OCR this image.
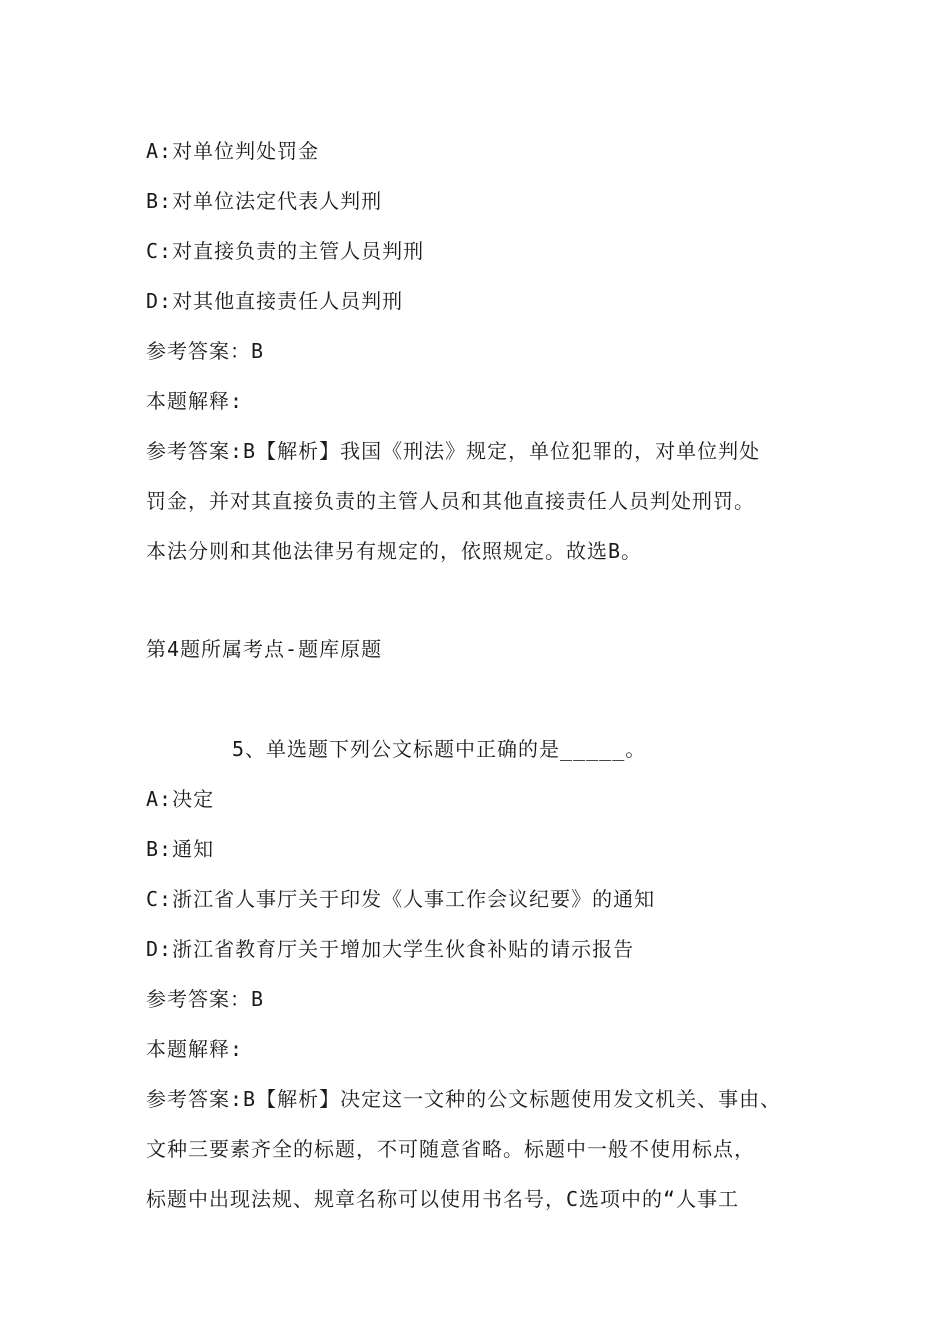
A:对单位判处罚金
B:对单位法定代表人判刑
C:对直接负责的主管人员判刑
D:对其他直接责任人员判刑
参考答案：B
本题解释:
参考答案:B【解析】我国《刑法》规定，单位犯罪的，对单位判处
罚金，并对其直接负责的主管人员和其他直接责任人员判处刑罚。
本法分则和其他法律另有规定的，依照规定。故选B。
第4题所属考点-题库原题
5、单选题下列公文标题中正确的是_____。
A:决定
B:通知
C:浙江省人事厅关于印发《人事工作会议纪要》的通知
D:浙江省教育厅关于增加大学生伙食补贴的请示报告
参考答案：B
本题解释:
参考答案:B【解析】决定这一文种的公文标题使用发文机关、事由、
文种三要素齐全的标题，不可随意省略。标题中一般不使用标点，
标题中出现法规、规章名称可以使用书名号，C选项中的“人事工
